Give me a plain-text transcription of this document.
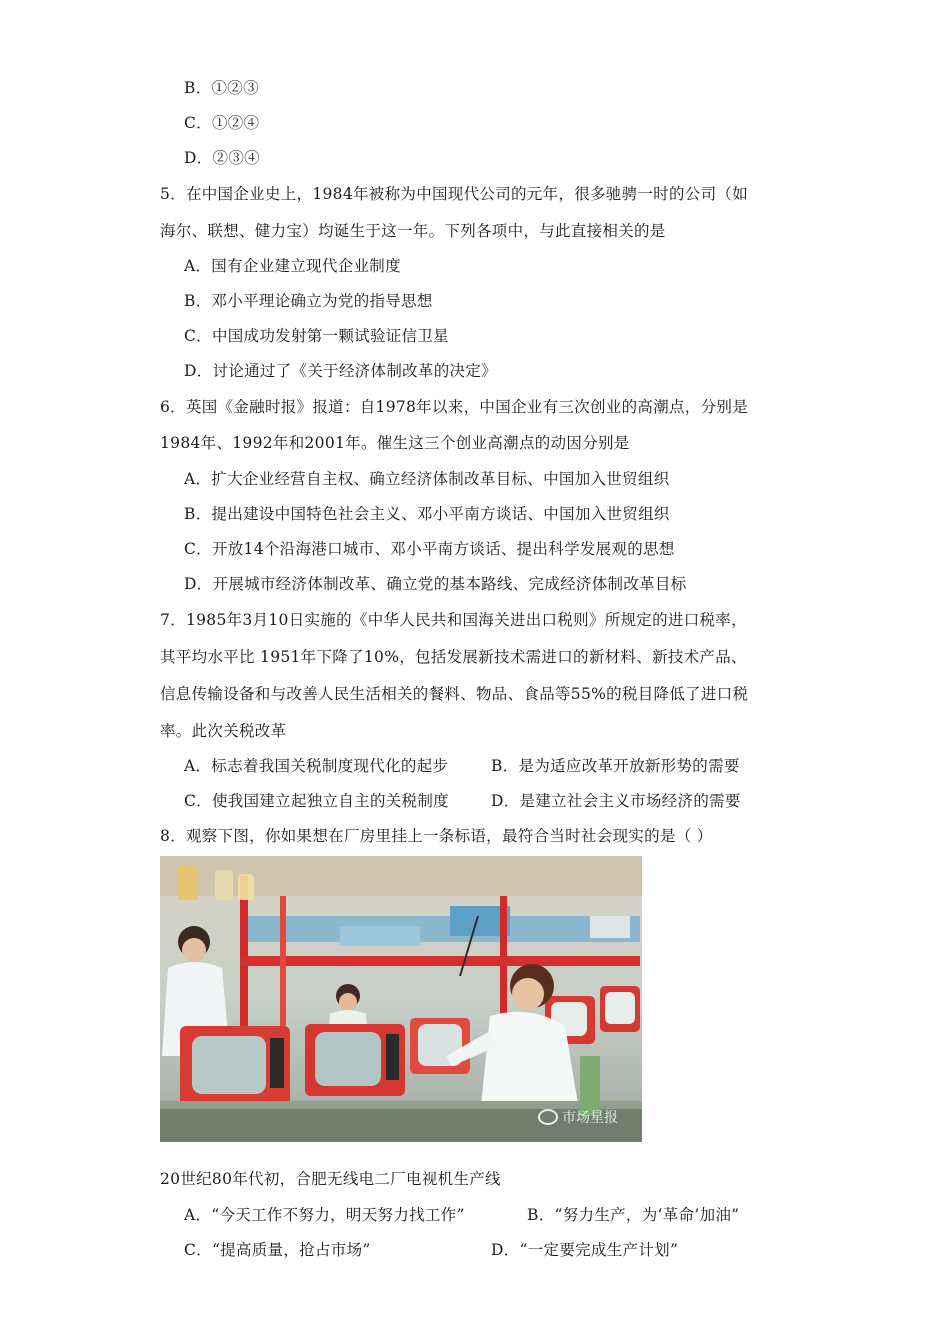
B．①②③
C．①②④
D．②③④
5．在中国企业史上，1984年被称为中国现代公司的元年，很多驰骋一时的公司（如
海尔、联想、健力宝）均诞生于这一年。下列各项中，与此直接相关的是
A．国有企业建立现代企业制度
B．邓小平理论确立为党的指导思想
C．中国成功发射第一颗试验证信卫星
D．讨论通过了《关于经济体制改革的决定》
6．英国《金融时报》报道：自1978年以来，中国企业有三次创业的高潮点，分别是
1984年、1992年和2001年。催生这三个创业高潮点的动因分别是
A．扩大企业经营自主权、确立经济体制改革目标、中国加入世贸组织
B．提出建设中国特色社会主义、邓小平南方谈话、中国加入世贸组织
C．开放14个沿海港口城市、邓小平南方谈话、提出科学发展观的思想
D．开展城市经济体制改革、确立党的基本路线、完成经济体制改革目标
7．1985年3月10日实施的《中华人民共和国海关进出口税则》所规定的进口税率，
其平均水平比 1951年下降了10%，包括发展新技术需进口的新材料、新技术产品、
信息传输设备和与改善人民生活相关的餐料、物品、食品等55%的税目降低了进口税
率。此次关税改革
A．标志着我国关税制度现代化的起步	B．是为适应改革开放新形势的需要
C．使我国建立起独立自主的关税制度	D．是建立社会主义市场经济的需要
8．观察下图，你如果想在厂房里挂上一条标语，最符合当时社会现实的是（ ）
市场星报
20世纪80年代初，合肥无线电二厂电视机生产线
A．“今天工作不努力，明天努力找工作”	B．“努力生产，为‘革命’加油”
C．“提高质量，抢占市场”	D．“一定要完成生产计划”
